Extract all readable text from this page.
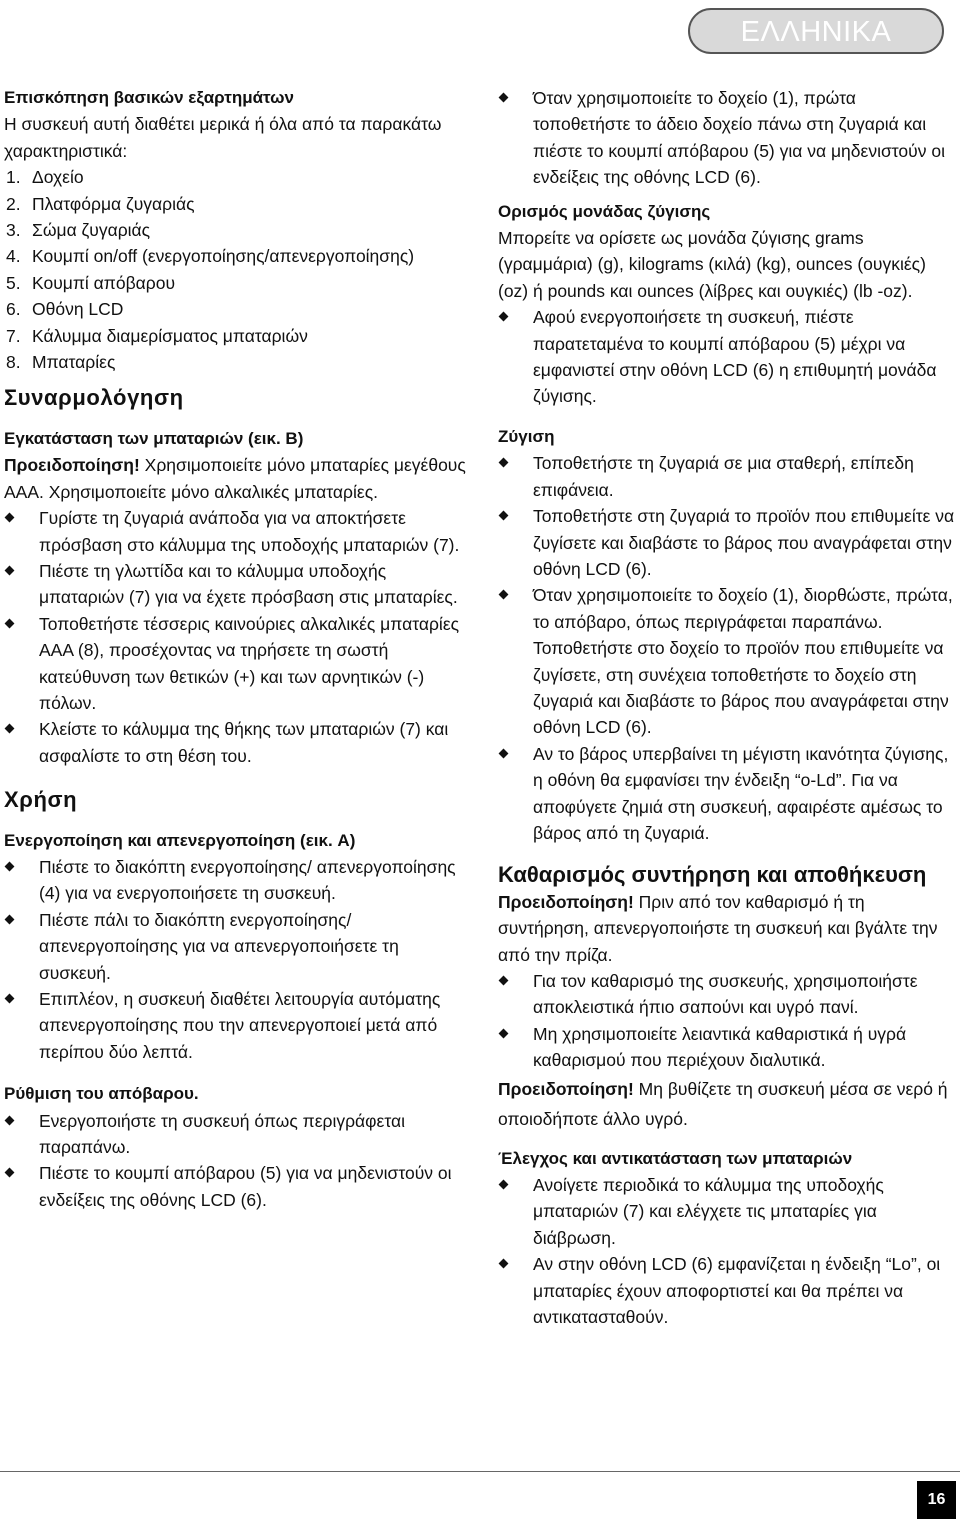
ΕΛΛΗΝΙΚΑ

Επισκόπηση βασικών εξαρτημάτων

Η συσκευή αυτή διαθέτει μερικά ή όλα από τα παρακάτω χαρακτηριστικά:

1. Δοχείο
2. Πλατφόρμα ζυγαριάς
3. Σώμα ζυγαριάς
4. Κουμπί on/off (ενεργοποίησης/απενεργοποίησης)
5. Κουμπί απόβαρου
6. Οθόνη LCD
7. Κάλυμμα διαμερίσματος μπαταριών
8. Μπαταρίες

Συναρμολόγηση

Εγκατάσταση των μπαταριών (εικ. B)

Προειδοποίηση! Χρησιμοποιείτε μόνο μπαταρίες μεγέθους AAA. Χρησιμοποιείτε μόνο αλκαλικές μπαταρίες.

Γυρίστε τη ζυγαριά ανάποδα για να αποκτήσετε πρόσβαση στο κάλυμμα της υποδοχής μπαταριών (7).
Πιέστε τη γλωττίδα και το κάλυμμα υποδοχής μπαταριών (7) για να έχετε πρόσβαση στις μπαταρίες.
Τοποθετήστε τέσσερις καινούριες αλκαλικές μπαταρίες AAA (8), προσέχοντας να τηρήσετε τη σωστή κατεύθυνση των θετικών (+) και των αρνητικών (-) πόλων.
Κλείστε το κάλυμμα της θήκης των μπαταριών (7) και ασφαλίστε το στη θέση του.

Χρήση

Ενεργοποίηση και απενεργοποίηση (εικ. A)

Πιέστε το διακόπτη ενεργοποίησης/ απενεργοποίησης (4) για να ενεργοποιήσετε τη συσκευή.
Πιέστε πάλι το διακόπτη ενεργοποίησης/ απενεργοποίησης για να απενεργοποιήσετε τη συσκευή.
Επιπλέον, η συσκευή διαθέτει λειτουργία αυτόματης απενεργοποίησης που την απενεργοποιεί μετά από περίπου δύο λεπτά.

Ρύθμιση του απόβαρου.

Ενεργοποιήστε τη συσκευή όπως περιγράφεται παραπάνω.
Πιέστε το κουμπί απόβαρου (5) για να μηδενιστούν οι ενδείξεις της οθόνης LCD (6).
Όταν χρησιμοποιείτε το δοχείο (1), πρώτα τοποθετήστε το άδειο δοχείο πάνω στη ζυγαριά και πιέστε το κουμπί απόβαρου (5) για να μηδενιστούν οι ενδείξεις της οθόνης LCD (6).

Ορισμός μονάδας ζύγισης

Μπορείτε να ορίσετε ως μονάδα ζύγισης grams (γραμμάρια) (g), kilograms (κιλά) (kg), ounces (ουγκιές) (oz) ή pounds και ounces (λίβρες και ουγκιές) (lb -oz).

Αφού ενεργοποιήσετε τη συσκευή, πιέστε παρατεταμένα το κουμπί απόβαρου (5) μέχρι να εμφανιστεί στην οθόνη LCD (6) η επιθυμητή μονάδα ζύγισης.

Ζύγιση

Τοποθετήστε τη ζυγαριά σε μια σταθερή, επίπεδη επιφάνεια.
Τοποθετήστε στη ζυγαριά το προϊόν που επιθυμείτε να ζυγίσετε και διαβάστε το βάρος που αναγράφεται στην οθόνη LCD (6).
Όταν χρησιμοποιείτε το δοχείο (1), διορθώστε, πρώτα, το απόβαρο, όπως περιγράφεται παραπάνω. Τοποθετήστε στο δοχείο το προϊόν που επιθυμείτε να ζυγίσετε, στη συνέχεια τοποθετήστε το δοχείο στη ζυγαριά και διαβάστε το βάρος που αναγράφεται στην οθόνη LCD (6).
Αν το βάρος υπερβαίνει τη μέγιστη ικανότητα ζύγισης, η οθόνη θα εμφανίσει την ένδειξη “o-Ld”. Για να αποφύγετε ζημιά στη συσκευή, αφαιρέστε αμέσως το βάρος από τη ζυγαριά.

Καθαρισμός συντήρηση και αποθήκευση

Προειδοποίηση! Πριν από τον καθαρισμό ή τη συντήρηση, απενεργοποιήστε τη συσκευή και βγάλτε την από την πρίζα.

Για τον καθαρισμό της συσκευής, χρησιμοποιήστε αποκλειστικά ήπιο σαπούνι και υγρό πανί.
Μη χρησιμοποιείτε λειαντικά καθαριστικά ή υγρά καθαρισμού που περιέχουν διαλυτικά.

Προειδοποίηση! Μη βυθίζετε τη συσκευή μέσα σε νερό ή οποιοδήποτε άλλο υγρό.

Έλεγχος και αντικατάσταση των μπαταριών

Ανοίγετε περιοδικά το κάλυμμα της υποδοχής μπαταριών (7) και ελέγχετε τις μπαταρίες για διάβρωση.
Αν στην οθόνη LCD (6) εμφανίζεται η ένδειξη “Lo”, οι μπαταρίες έχουν αποφορτιστεί και θα πρέπει να αντικατασταθούν.
16
